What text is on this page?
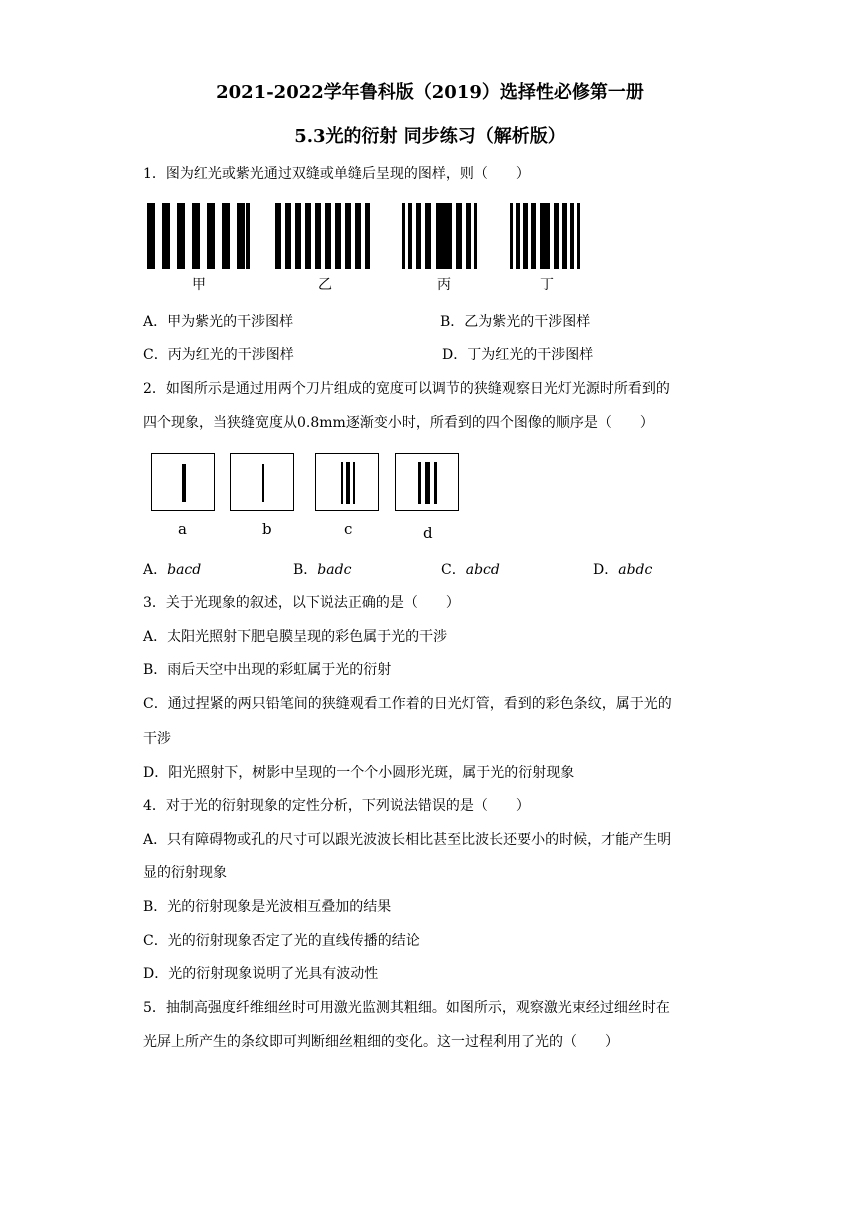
2021-2022学年鲁科版（2019）选择性必修第一册
5.3光的衍射 同步练习（解析版）
1．图为红光或紫光通过双缝或单缝后呈现的图样，则（　　）
甲	乙	丙	丁
A．甲为紫光的干涉图样	B．乙为紫光的干涉图样
C．丙为红光的干涉图样	D．丁为红光的干涉图样
2．如图所示是通过用两个刀片组成的宽度可以调节的狭缝观察日光灯光源时所看到的
四个现象，当狭缝宽度从0.8mm逐渐变小时，所看到的四个图像的顺序是（　　）
a	b	c	d
A．bacd	B．badc	C．abcd	D．abdc
3．关于光现象的叙述，以下说法正确的是（　　）
A．太阳光照射下肥皂膜呈现的彩色属于光的干涉
B．雨后天空中出现的彩虹属于光的衍射
C．通过捏紧的两只铅笔间的狭缝观看工作着的日光灯管，看到的彩色条纹，属于光的
干涉
D．阳光照射下，树影中呈现的一个个小圆形光斑，属于光的衍射现象
4．对于光的衍射现象的定性分析，下列说法错误的是（　　）
A．只有障碍物或孔的尺寸可以跟光波波长相比甚至比波长还要小的时候，才能产生明
显的衍射现象
B．光的衍射现象是光波相互叠加的结果
C．光的衍射现象否定了光的直线传播的结论
D．光的衍射现象说明了光具有波动性
5．抽制高强度纤维细丝时可用激光监测其粗细。如图所示，观察激光束经过细丝时在
光屏上所产生的条纹即可判断细丝粗细的变化。这一过程利用了光的（　　）
